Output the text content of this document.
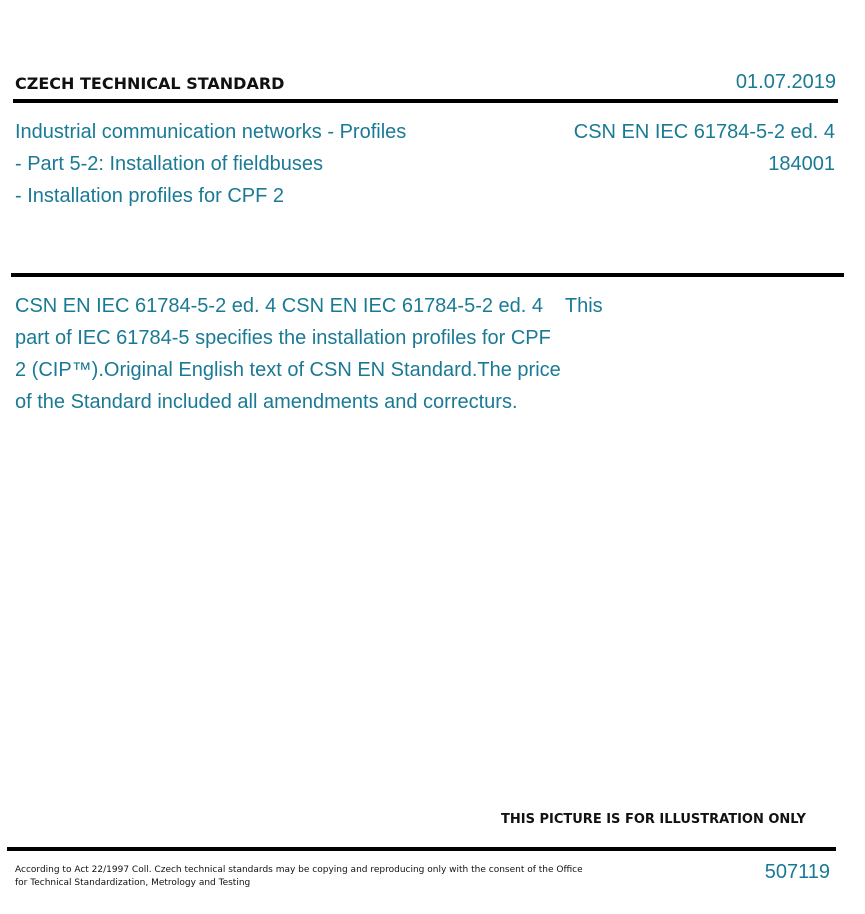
CZECH TECHNICAL STANDARD	01.07.2019
Industrial communication networks - Profiles
- Part 5-2: Installation of fieldbuses
- Installation profiles for CPF 2
CSN EN IEC 61784-5-2 ed. 4
184001
CSN EN IEC 61784-5-2 ed. 4 CSN EN IEC 61784-5-2 ed. 4    This
part of IEC 61784-5 specifies the installation profiles for CPF
2 (CIP™).Original English text of CSN EN Standard.The price
of the Standard included all amendments and correcturs.
THIS PICTURE IS FOR ILLUSTRATION ONLY
According to Act 22/1997 Coll. Czech technical standards may be copying and reproducing only with the consent of the Office
for Technical Standardization, Metrology and Testing	507119
